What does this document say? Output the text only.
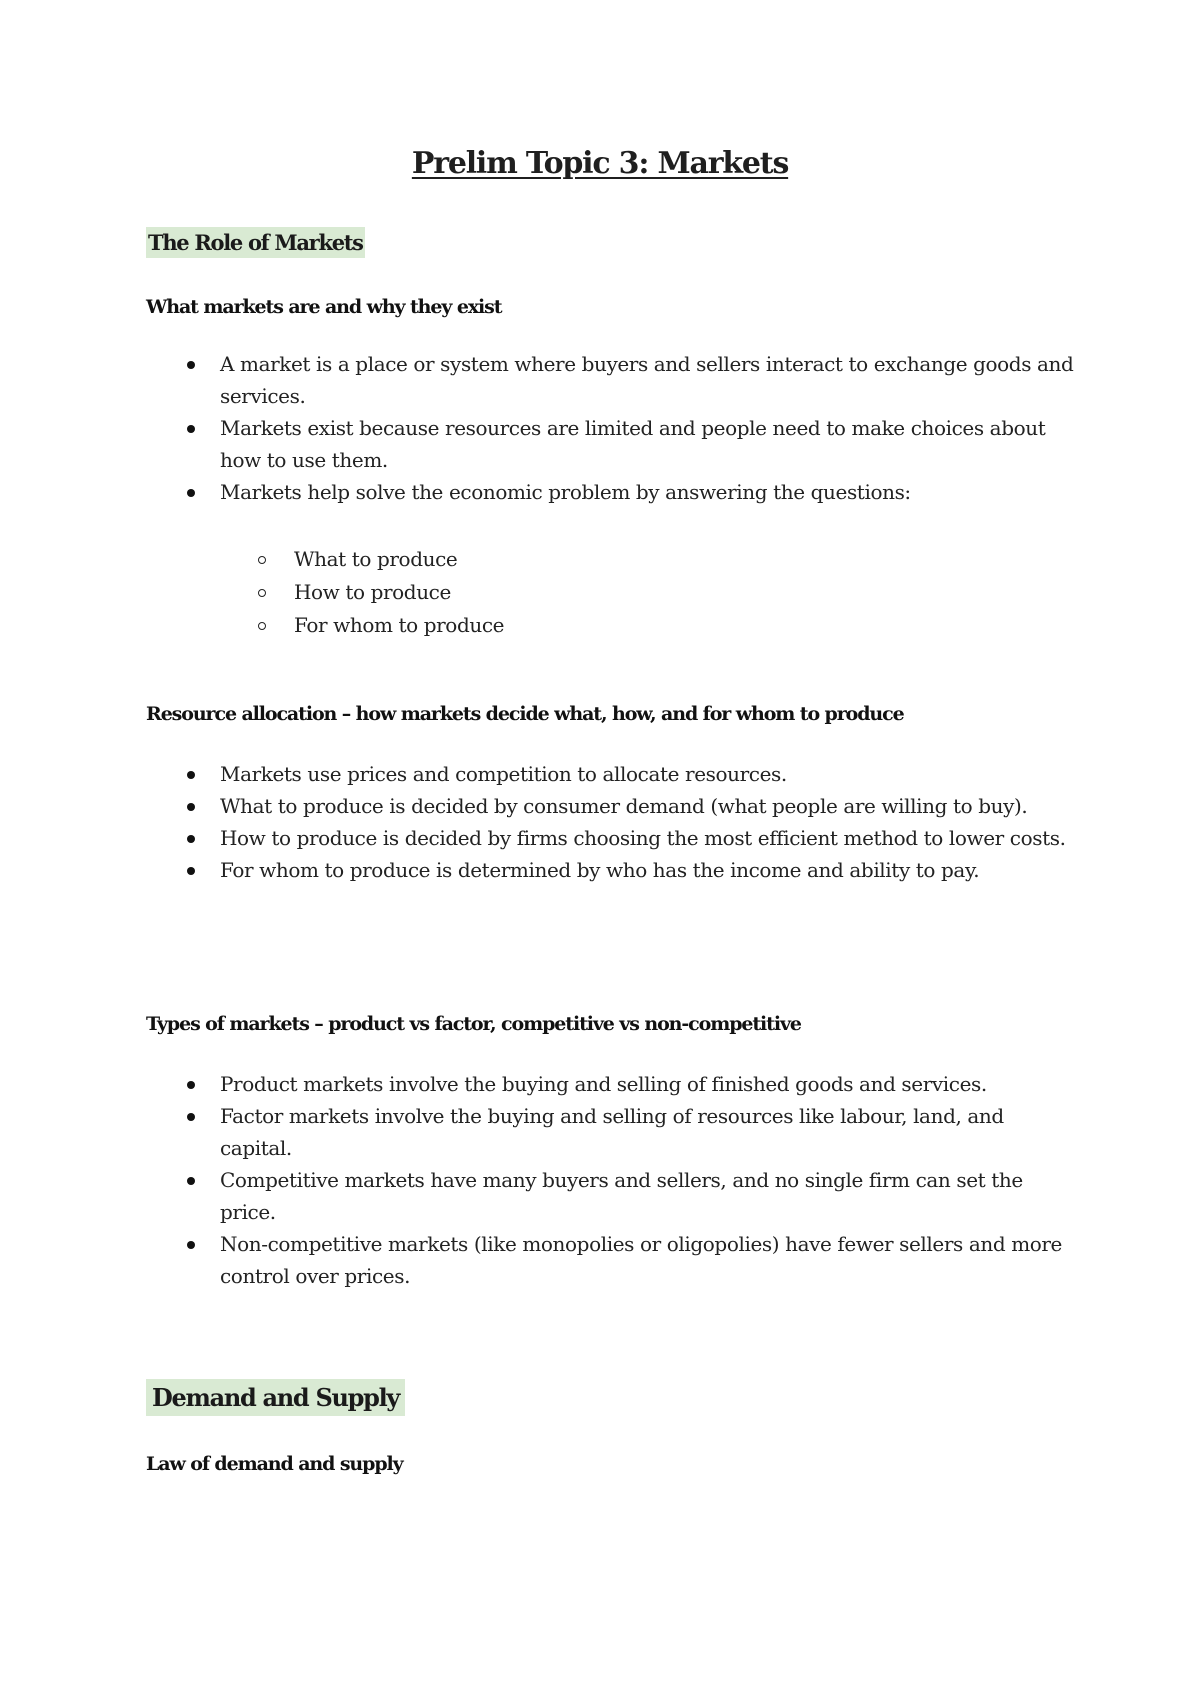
Prelim Topic 3: Markets
The Role of Markets
What markets are and why they exist
A market is a place or system where buyers and sellers interact to exchange goods and services.
Markets exist because resources are limited and people need to make choices about how to use them.
Markets help solve the economic problem by answering the questions:
What to produce
How to produce
For whom to produce
Resource allocation – how markets decide what, how, and for whom to produce
Markets use prices and competition to allocate resources.
What to produce is decided by consumer demand (what people are willing to buy).
How to produce is decided by firms choosing the most efficient method to lower costs.
For whom to produce is determined by who has the income and ability to pay.
Types of markets – product vs factor, competitive vs non-competitive
Product markets involve the buying and selling of finished goods and services.
Factor markets involve the buying and selling of resources like labour, land, and capital.
Competitive markets have many buyers and sellers, and no single firm can set the price.
Non-competitive markets (like monopolies or oligopolies) have fewer sellers and more control over prices.
Demand and Supply
Law of demand and supply
